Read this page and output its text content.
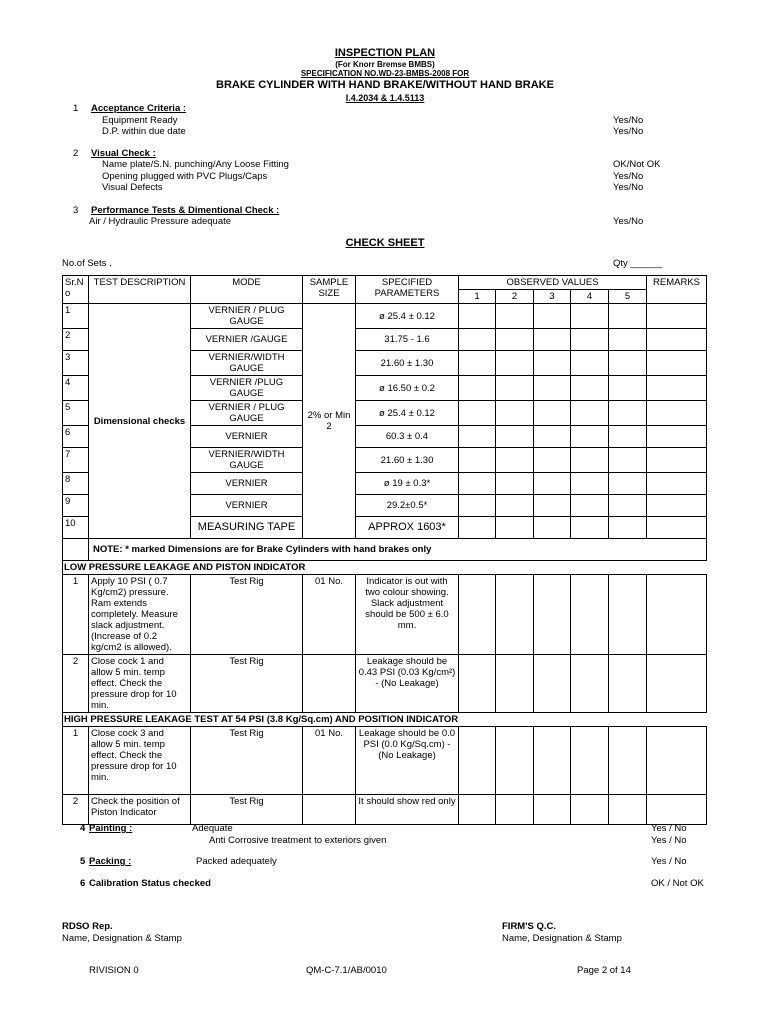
INSPECTION PLAN
(For Knorr Bremse BMBS)
SPECIFICATION NO.WD-23-BMBS-2008 FOR
BRAKE CYLINDER WITH HAND BRAKE/WITHOUT HAND BRAKE
I.4.2034 & 1.4.5113
1 Acceptance Criteria :
Equipment Ready	Yes/No
D.P. within due date	Yes/No
2 Visual Check :
Name plate/S.N. punching/Any Loose Fitting	OK/Not OK
Opening plugged with PVC Plugs/Caps	Yes/No
Visual Defects	Yes/No
3 Performance Tests & Dimentional Check :
Air / Hydraulic Pressure adequate	Yes/No
CHECK SHEET
No.of Sets .	Qty ______
Sr.N o	TEST DESCRIPTION	MODE	SAMPLE SIZE	SPECIFIED PARAMETERS	OBSERVED VALUES					REMARKS
					1	2	3	4	5	
1	Dimensional checks	VERNIER / PLUG GAUGE	2% or Min 2	ø 25.4 ± 0.12						
2		VERNIER /GAUGE		31.75 - 1.6						
3		VERNIER/WIDTH GAUGE		21.60 ± 1.30						
4		VERNIER /PLUG GAUGE		ø 16.50 ± 0.2						
5		VERNIER / PLUG GAUGE		ø 25.4 ± 0.12						
6		VERNIER		60.3 ± 0.4						
7		VERNIER/WIDTH GAUGE		21.60 ± 1.30						
8		VERNIER		ø 19 ± 0.3*						
9		VERNIER		29.2±0.5*						
10		MEASURING TAPE		APPROX 1603*						
	NOTE: * marked Dimensions are for Brake Cylinders with hand brakes only									
LOW PRESSURE LEAKAGE AND PISTON INDICATOR										
1	Apply 10 PSI ( 0.7 Kg/cm2) pressure. Ram extends completely. Measure slack adjustment. (Increase of 0.2 kg/cm2 is allowed).	Test Rig	01 No.	Indicator is out with two colour showing. Slack adjustment should be 500 ± 6.0 mm.						
2	Close cock 1 and allow 5 min. temp effect. Check the pressure drop for 10 min.	Test Rig		Leakage should be 0.43 PSI (0.03 Kg/cm²) - (No Leakage)						
HIGH PRESSURE LEAKAGE TEST AT 54 PSI (3.8 Kg/Sq.cm) AND POSITION INDICATOR										
1	Close cock 3 and allow 5 min. temp effect. Check the pressure drop for 10 min.	Test Rig	01 No.	Leakage should be 0.0 PSI (0.0 Kg/Sq.cm) - (No Leakage)						
2	Check the position of Piston Indicator	Test Rig		It should show red only						
4 Painting :	Adequate	Yes / No
Anti Corrosive treatment to exteriors given	Yes / No
5 Packing :	Packed adequately	Yes / No
6 Calibration Status checked	OK / Not OK
RDSO Rep.
Name, Designation & Stamp
FIRM'S Q.C.
Name, Designation & Stamp
RIVISION 0	QM-C-7.1/AB/0010	Page 2 of 14
